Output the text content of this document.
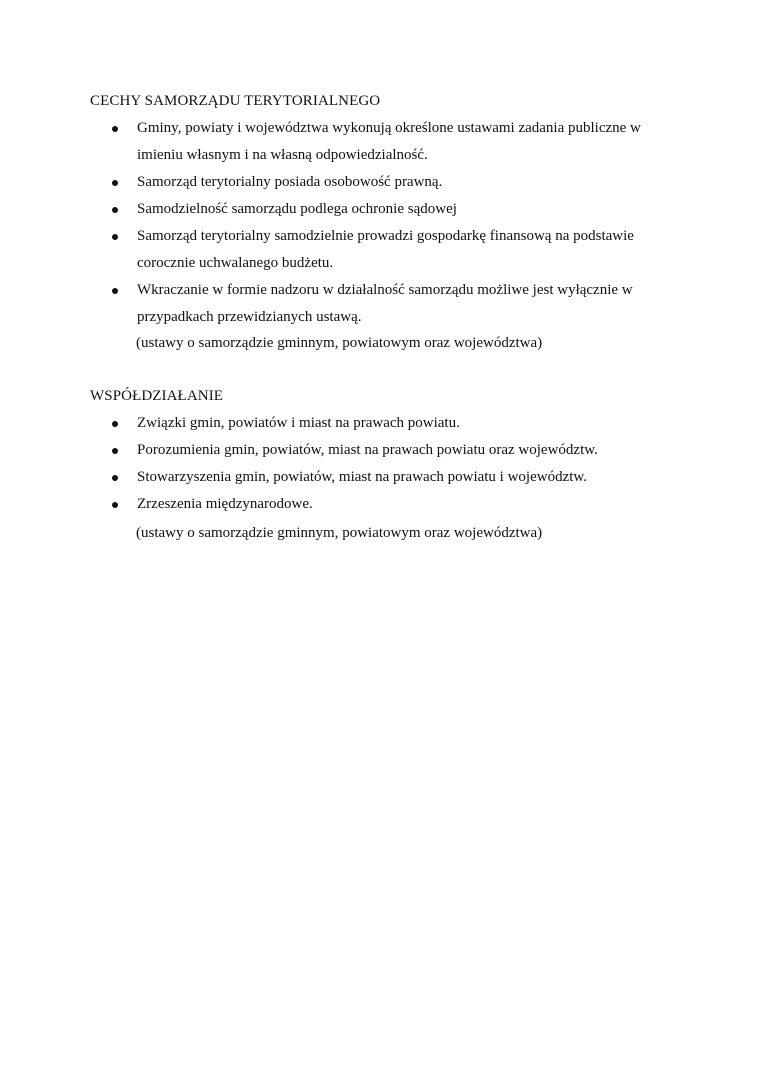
CECHY SAMORZĄDU TERYTORIALNEGO
Gminy, powiaty i województwa wykonują określone ustawami zadania publiczne w imieniu własnym i na własną odpowiedzialność.
Samorząd terytorialny posiada osobowość prawną.
Samodzielność samorządu podlega ochronie sądowej
Samorząd terytorialny samodzielnie prowadzi gospodarkę finansową na podstawie corocznie uchwalanego budżetu.
Wkraczanie w formie nadzoru w działalność samorządu możliwe jest wyłącznie w przypadkach przewidzianych ustawą.
(ustawy o samorządzie gminnym, powiatowym oraz województwa)
WSPÓŁDZIAŁANIE
Związki gmin, powiatów i miast na prawach powiatu.
Porozumienia gmin, powiatów, miast na prawach powiatu oraz województw.
Stowarzyszenia gmin, powiatów, miast na prawach powiatu i województw.
Zrzeszenia międzynarodowe.
(ustawy o samorządzie gminnym, powiatowym oraz województwa)
